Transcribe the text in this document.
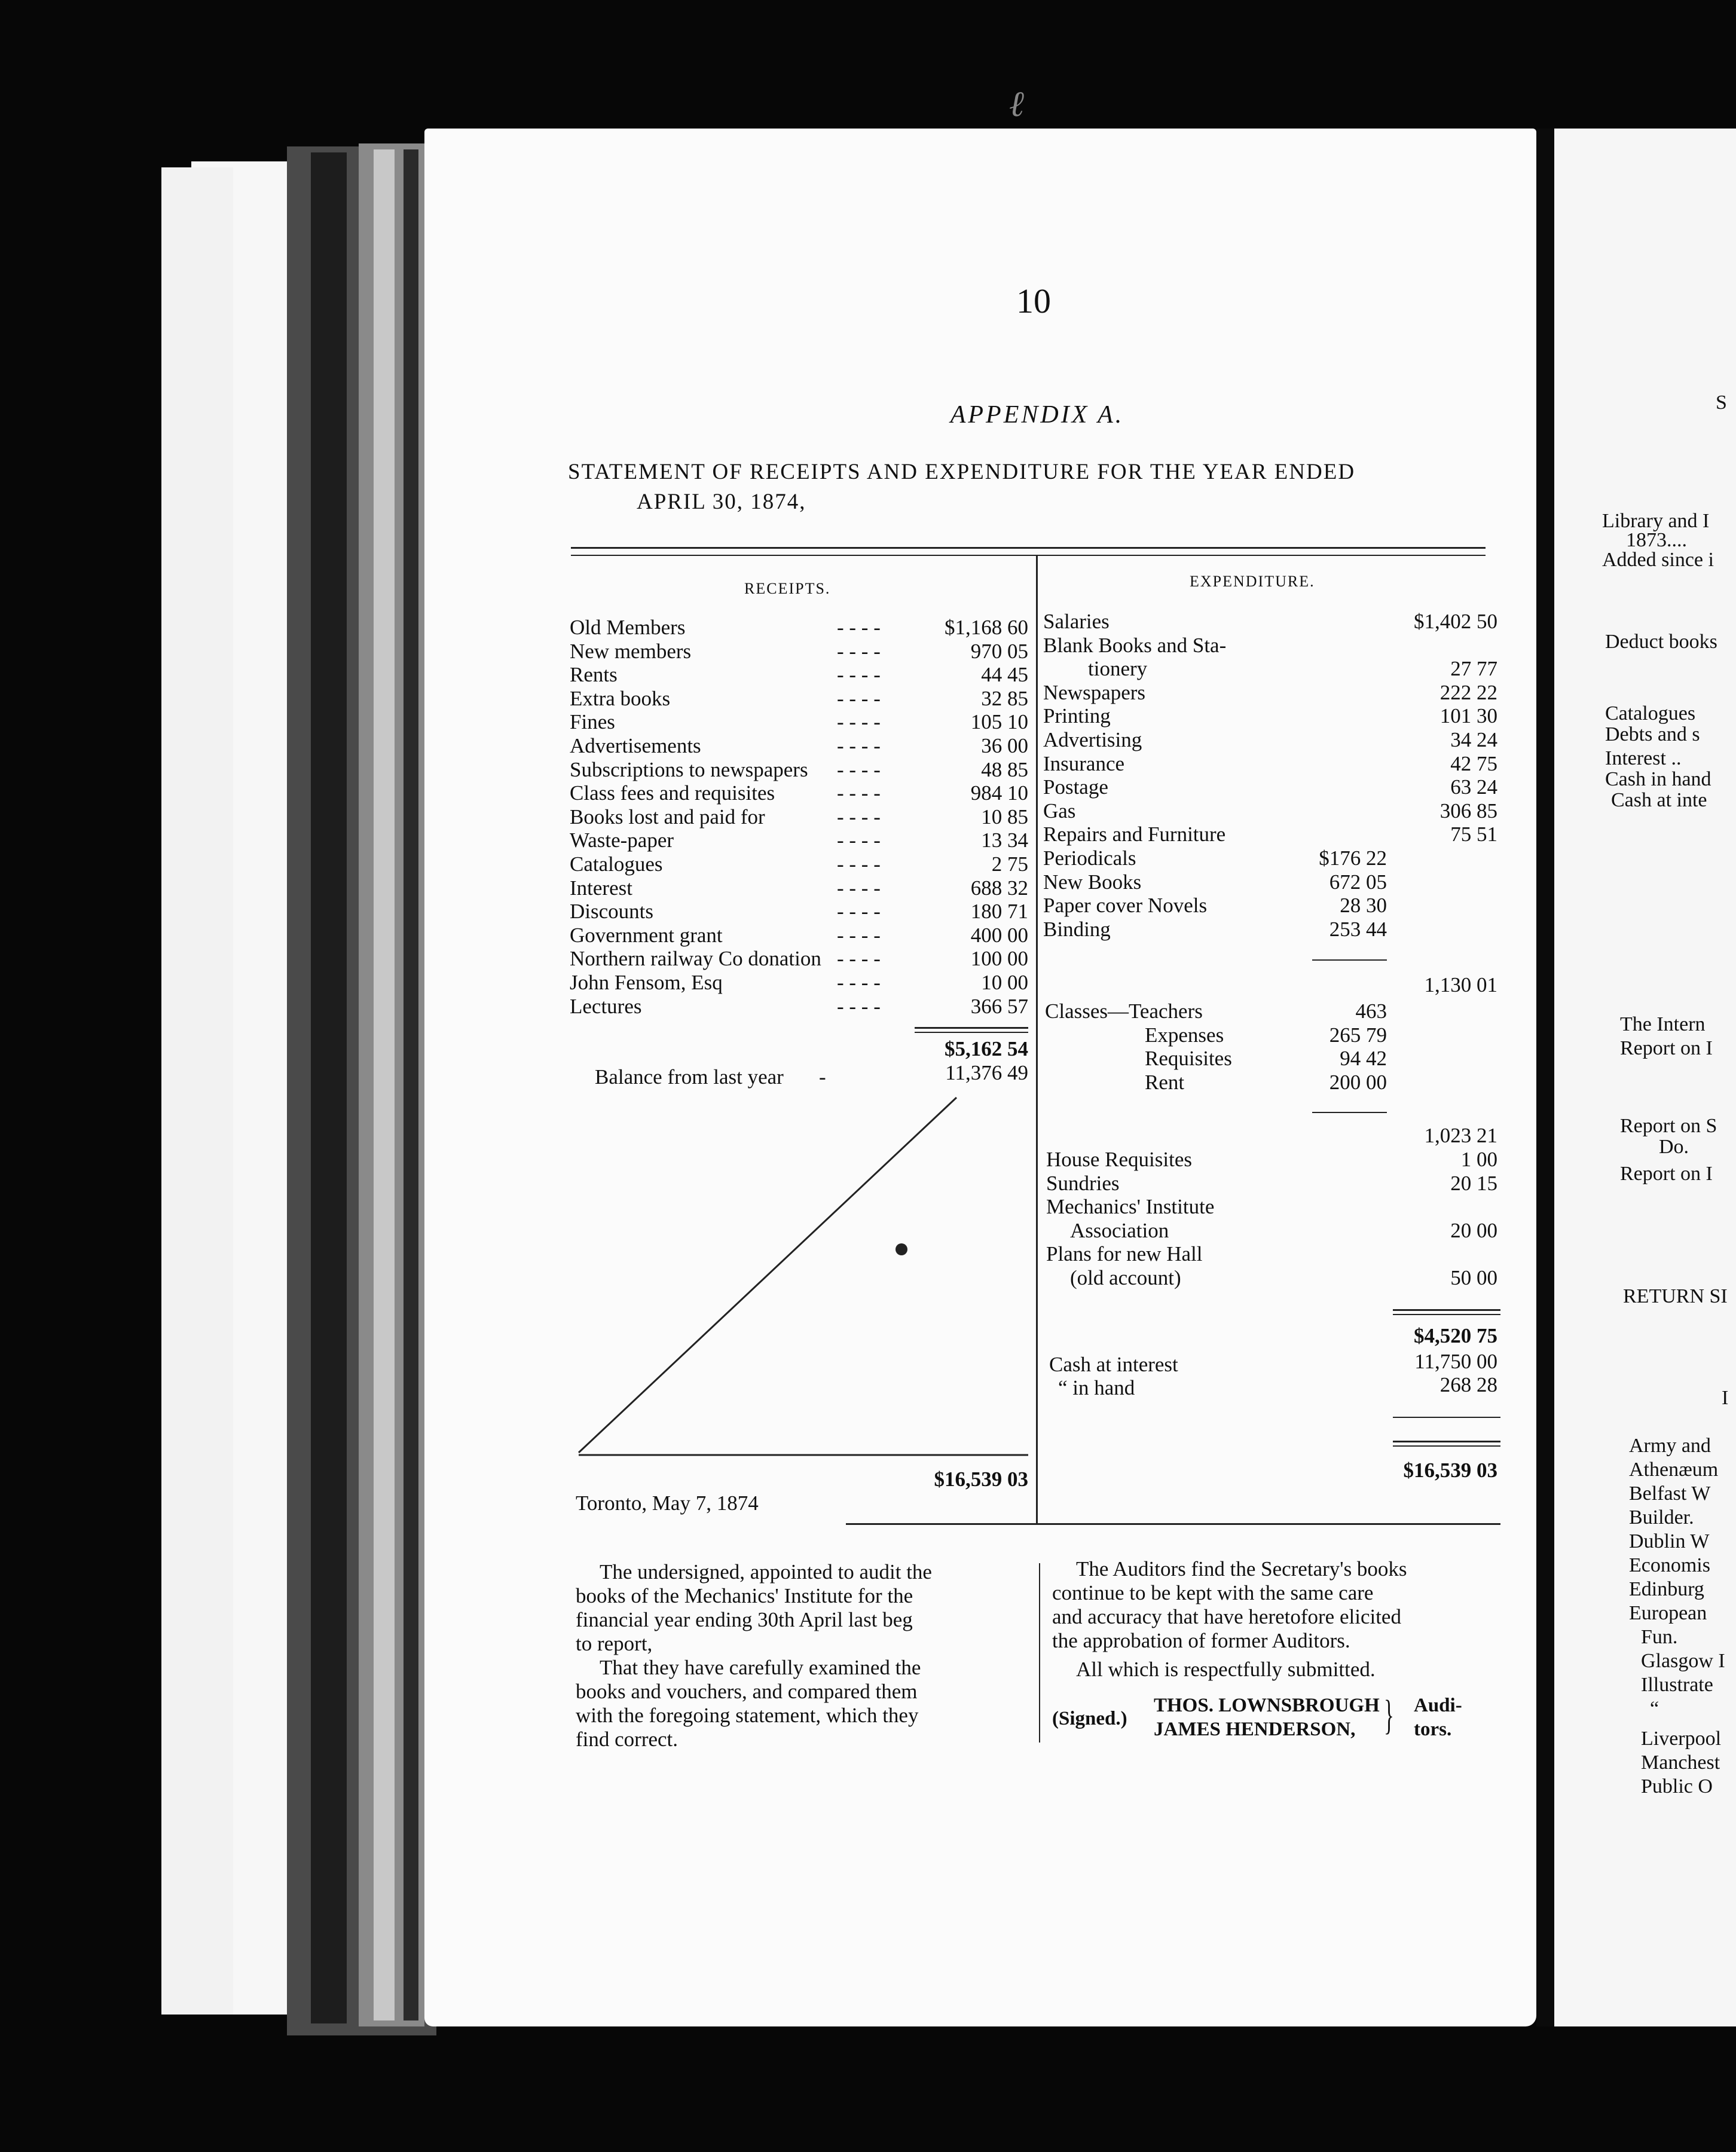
S
Library and I
1873....
Added since i
Deduct books
Catalogues
Debts and s
Interest ..
Cash in hand
Cash at inte
The Intern
Report on I
Report on S
Do.
Report on I
RETURN SI
I
Army and
Athenæum
Belfast W
Builder.
Dublin W
Economis
Edinburg
European
Fun.
Glasgow I
Illustrate
“
Liverpool
Manchest
Public O
10
APPENDIX A.
STATEMENT OF RECEIPTS AND EXPENDITURE FOR THE YEAR ENDED
APRIL 30, 1874,
RECEIPTS.	EXPENDITURE.
Old Members	- - - -	$1,168 60
New members	- - - -	970 05
Rents	- - - -	44 45
Extra books	- - - -	32 85
Fines	- - - -	105 10
Advertisements	- - - -	36 00
Subscriptions to newspapers - - - -	48 85
Class fees and requisites	- - - -	984 10
Books lost and paid for	- - - -	10 85
Waste-paper	- - - -	13 34
Catalogues	- - - -	2 75
Interest	- - - -	688 32
Discounts	- - - -	180 71
Government grant	- - - -	400 00
Northern railway Co donation - - - -	100 00
John Fensom, Esq	- - - -	10 00
Lectures	- - - -	366 57
Salaries	$1,402 50
Blank Books and Sta-
tionery	27 77
Newspapers	222 22
Printing	101 30
Advertising	34 24
Insurance	42 75
Postage	63 24
Gas	306 85
Repairs and Furniture	75 51
Periodicals	$176 22
New Books	672 05
Paper cover Novels	28 30
Binding	253 44
1,130 01
Classes—Teachers	463
Expenses	265 79
Requisites	94 42
Rent	200 00
1,023 21
House Requisites	1 00
Sundries	20 15
Mechanics' Institute
Association	20 00
Plans for new Hall
(old account)	50 00
$4,520 75
Cash at interest	11,750 00
“ in hand	268 28
$16,539 03
$5,162 54
Balance from last year -	11,376 49
$16,539 03
Toronto, May 7, 1874
The undersigned, appointed to audit the
books of the Mechanics' Institute for the
financial year ending 30th April last beg
to report,
That they have carefully examined the
books and vouchers, and compared them
with the foregoing statement, which they
find correct.
The Auditors find the Secretary's books
continue to be kept with the same care
and accuracy that have heretofore elicited
the approbation of former Auditors.
All which is respectfully submitted.
(Signed.)
THOS. LOWNSBROUGH
JAMES HENDERSON, } Audi-
tors.
ℓ
